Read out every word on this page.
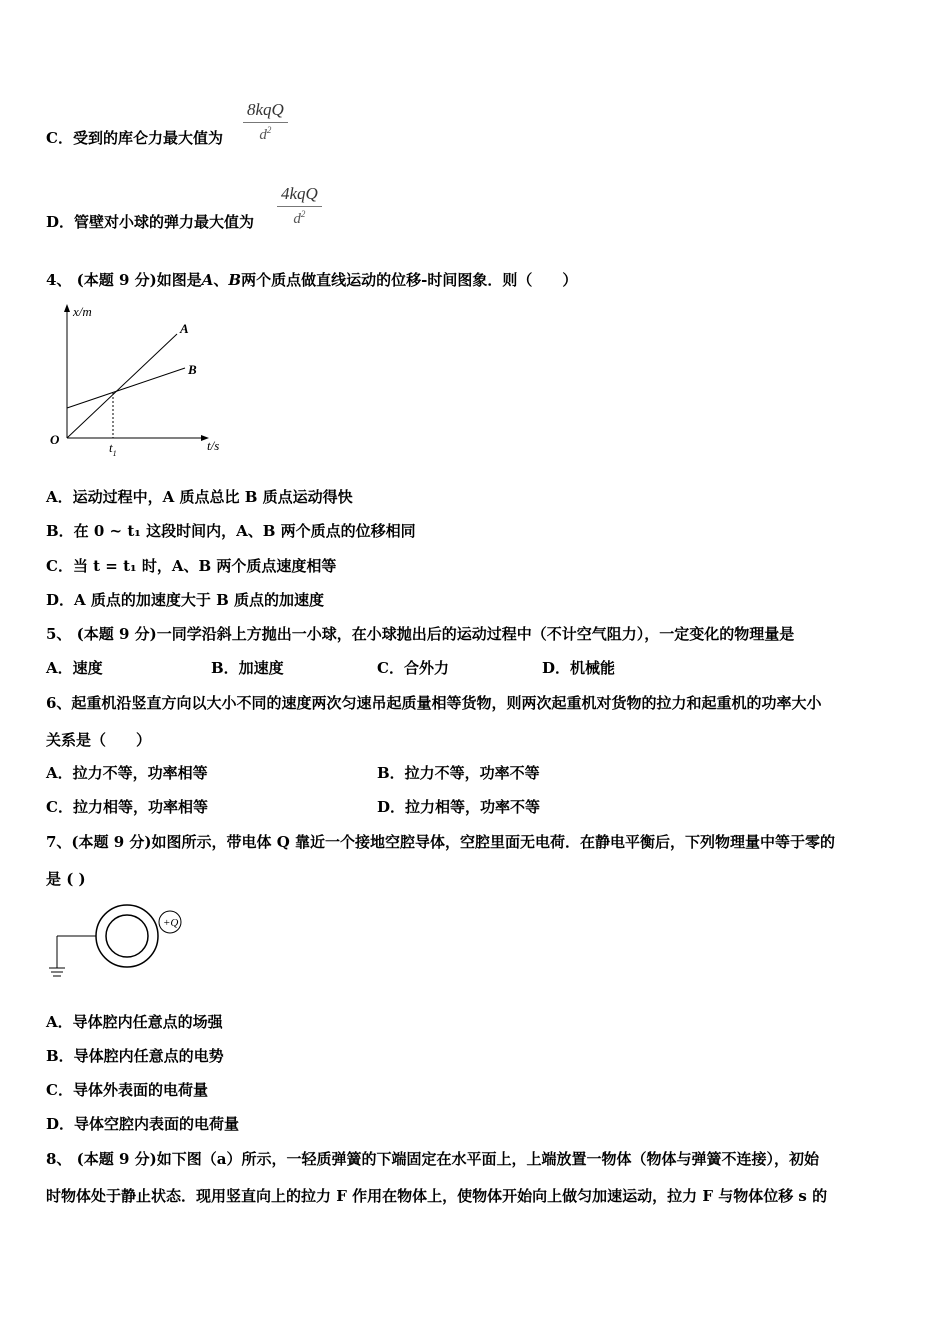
C．受到的库仑力最大值为
8kqQ
$d^2$
D．管壁对小球的弹力最大值为
4kqQ
$d^2$
4、 (本题 9 分)如图是A、B两个质点做直线运动的位移-时间图象．则（　　）
x/m
t/s
O
$t_1$
A
B
A．运动过程中，A 质点总比 B 质点运动得快
B．在 0 ~ t₁ 这段时间内，A、B 两个质点的位移相同
C．当 t = t₁ 时，A、B 两个质点速度相等
D．A 质点的加速度大于 B 质点的加速度
5、 (本题 9 分)一同学沿斜上方抛出一小球，在小球抛出后的运动过程中（不计空气阻力），一定变化的物理量是
A．速度	B．加速度	C．合外力	D．机械能
6、起重机沿竖直方向以大小不同的速度两次匀速吊起质量相等货物，则两次起重机对货物的拉力和起重机的功率大小
关系是（　　）
A．拉力不等，功率相等	B．拉力不等，功率不等
C．拉力相等，功率相等	D．拉力相等，功率不等
7、(本题 9 分)如图所示，带电体 Q 靠近一个接地空腔导体，空腔里面无电荷．在静电平衡后，下列物理量中等于零的
是 ( )
+Q
A．导体腔内任意点的场强
B．导体腔内任意点的电势
C．导体外表面的电荷量
D．导体空腔内表面的电荷量
8、 (本题 9 分)如下图（a）所示，一轻质弹簧的下端固定在水平面上，上端放置一物体（物体与弹簧不连接），初始
时物体处于静止状态．现用竖直向上的拉力 F 作用在物体上，使物体开始向上做匀加速运动，拉力 F 与物体位移 s 的
